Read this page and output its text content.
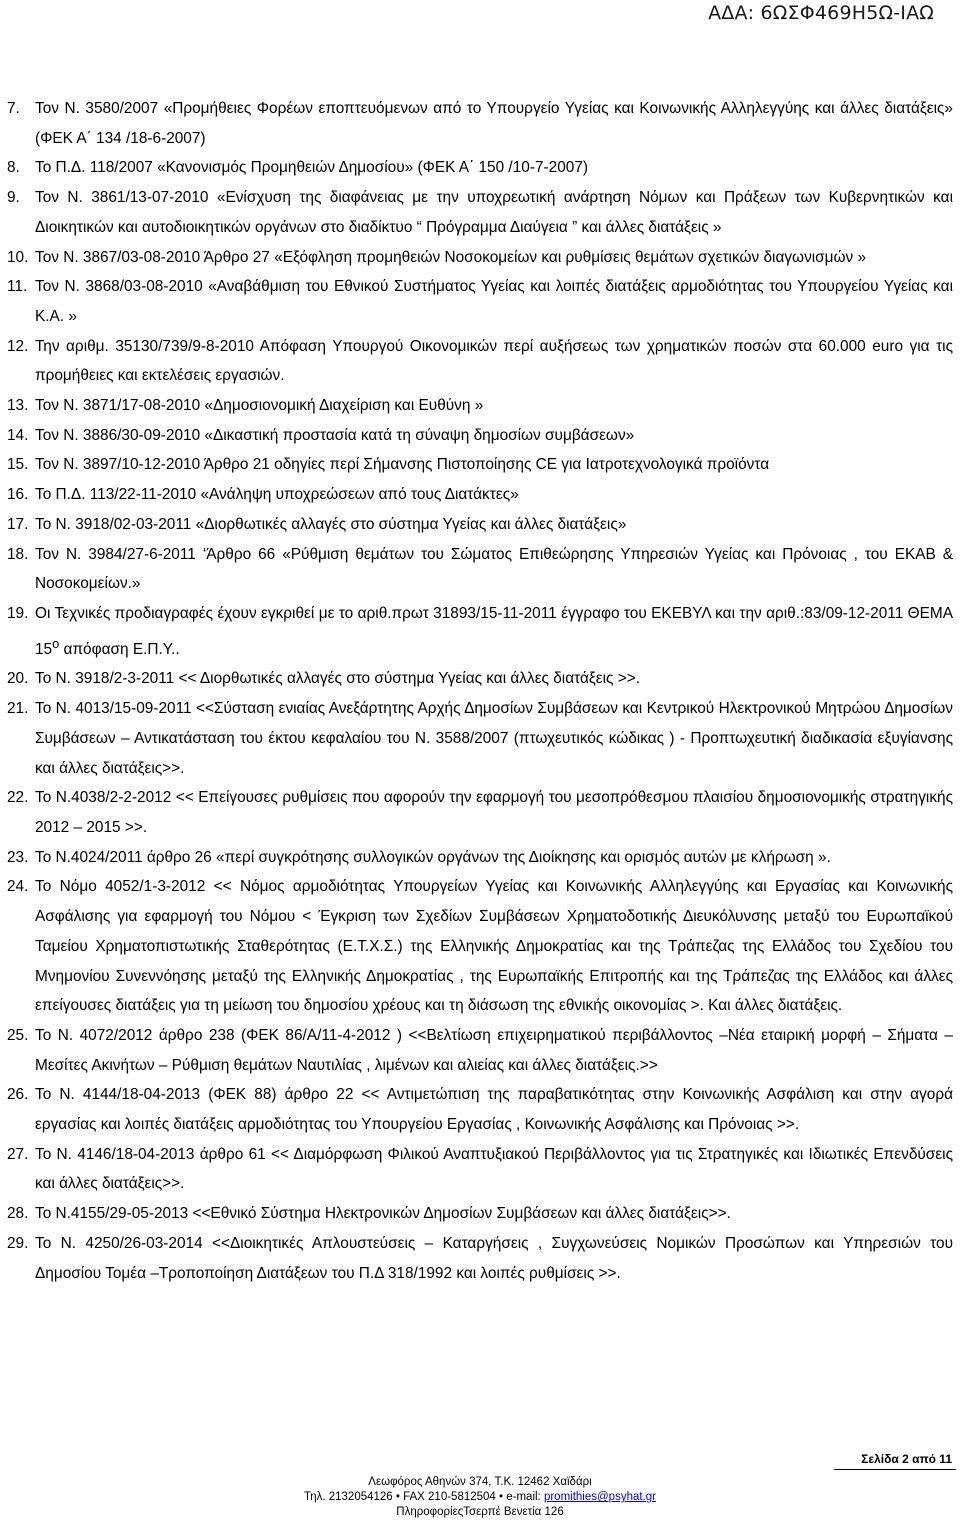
ΑΔΑ: 6ΩΣΦ469Η5Ω-ΙΑΩ
7. Τον Ν. 3580/2007 «Προμήθειες Φορέων εποπτευόμενων από το Υπουργείο Υγείας και Κοινωνικής Αλληλεγγύης και άλλες διατάξεις» (ΦΕΚ Α΄ 134 /18-6-2007)
8. Το Π.Δ. 118/2007 «Κανονισμός Προμηθειών Δημοσίου» (ΦΕΚ Α΄ 150 /10-7-2007)
9. Τον Ν. 3861/13-07-2010 «Ενίσχυση της διαφάνειας με την υποχρεωτική ανάρτηση Νόμων και Πράξεων των Κυβερνητικών και Διοικητικών και αυτοδιοικητικών οργάνων στο διαδίκτυο “ Πρόγραμμα Διαύγεια ” και άλλες διατάξεις »
10. Τον Ν. 3867/03-08-2010 Άρθρο 27 «Εξόφληση προμηθειών Νοσοκομείων και ρυθμίσεις θεμάτων σχετικών διαγωνισμών »
11. Τον Ν. 3868/03-08-2010 «Αναβάθμιση του Εθνικού Συστήματος Υγείας και λοιπές διατάξεις αρμοδιότητας του Υπουργείου Υγείας και Κ.Α. »
12. Την αριθμ. 35130/739/9-8-2010 Απόφαση Υπουργού Οικονομικών περί αυξήσεως των χρηματικών ποσών στα 60.000 euro για τις προμήθειες και εκτελέσεις εργασιών.
13. Τον Ν. 3871/17-08-2010 «Δημοσιονομική Διαχείριση και Ευθύνη »
14. Τον Ν. 3886/30-09-2010 «Δικαστική προστασία κατά τη σύναψη δημοσίων συμβάσεων»
15. Τον Ν. 3897/10-12-2010 Άρθρο 21 οδηγίες περί Σήμανσης Πιστοποίησης CE για Ιατροτεχνολογικά προϊόντα
16. Το Π.Δ. 113/22-11-2010 «Ανάληψη υποχρεώσεων από τους Διατάκτες»
17. Το Ν. 3918/02-03-2011 «Διορθωτικές αλλαγές στο σύστημα Υγείας και άλλες διατάξεις»
18. Τον Ν. 3984/27-6-2011 ‘Άρθρο 66 «Ρύθμιση θεμάτων του Σώματος Επιθεώρησης Υπηρεσιών Υγείας και Πρόνοιας , του ΕΚΑΒ & Νοσοκομείων.»
19. Οι Τεχνικές προδιαγραφές έχουν εγκριθεί με το αριθ.πρωτ 31893/15-11-2011 έγγραφο του ΕΚΕΒΥΛ και την αριθ.:83/09-12-2011 ΘΕΜΑ $15^o$ απόφαση Ε.Π.Υ..
20. Το Ν. 3918/2-3-2011 << Διορθωτικές αλλαγές στο σύστημα Υγείας και άλλες διατάξεις >>.
21. Το Ν. 4013/15-09-2011 <<Σύσταση ενιαίας Ανεξάρτητης Αρχής Δημοσίων Συμβάσεων και Κεντρικού Ηλεκτρονικού Μητρώου Δημοσίων Συμβάσεων – Αντικατάσταση του έκτου κεφαλαίου του Ν. 3588/2007 (πτωχευτικός κώδικας ) - Προπτωχευτική διαδικασία εξυγίανσης και άλλες διατάξεις>>.
22. Το Ν.4038/2-2-2012 << Επείγουσες ρυθμίσεις που αφορούν την εφαρμογή του μεσοπρόθεσμου πλαισίου δημοσιονομικής στρατηγικής 2012 – 2015 >>.
23. Το Ν.4024/2011 άρθρο 26 «περί συγκρότησης συλλογικών οργάνων της Διοίκησης και ορισμός αυτών με κλήρωση ».
24. Το Νόμο 4052/1-3-2012 << Νόμος αρμοδιότητας Υπουργείων Υγείας και Κοινωνικής Αλληλεγγύης και Εργασίας και Κοινωνικής Ασφάλισης για εφαρμογή του Νόμου < Έγκριση των Σχεδίων Συμβάσεων Χρηματοδοτικής Διευκόλυνσης μεταξύ του Ευρωπαϊκού Ταμείου Χρηματοπιστωτικής Σταθερότητας (Ε.Τ.Χ.Σ.) της Ελληνικής Δημοκρατίας και της Τράπεζας της Ελλάδος του Σχεδίου του Μνημονίου Συνεννόησης μεταξύ της Ελληνικής Δημοκρατίας , της Ευρωπαϊκής Επιτροπής και της Τράπεζας της Ελλάδος και άλλες επείγουσες διατάξεις για τη μείωση του δημοσίου χρέους και τη διάσωση της εθνικής οικονομίας >. Και άλλες διατάξεις.
25. Το Ν. 4072/2012 άρθρο 238 (ΦΕΚ 86/Α/11-4-2012 ) <<Βελτίωση επιχειρηματικού περιβάλλοντος –Νέα εταιρική μορφή – Σήματα –Μεσίτες Ακινήτων – Ρύθμιση θεμάτων Ναυτιλίας , λιμένων και αλιείας και άλλες διατάξεις.>>
26. Το Ν. 4144/18-04-2013 (ΦΕΚ 88) άρθρο 22 << Αντιμετώπιση της παραβατικότητας στην Κοινωνικής Ασφάλιση και στην αγορά εργασίας και λοιπές διατάξεις αρμοδιότητας του Υπουργείου Εργασίας , Κοινωνικής Ασφάλισης και Πρόνοιας >>.
27. Το Ν. 4146/18-04-2013 άρθρο 61 << Διαμόρφωση Φιλικού Αναπτυξιακού Περιβάλλοντος για τις Στρατηγικές και Ιδιωτικές Επενδύσεις και άλλες διατάξεις>>.
28. Το Ν.4155/29-05-2013 <<Εθνικό Σύστημα Ηλεκτρονικών Δημοσίων Συμβάσεων και άλλες διατάξεις>>.
29. Το Ν. 4250/26-03-2014 <<Διοικητικές Απλουστεύσεις – Καταργήσεις , Συγχωνεύσεις Νομικών Προσώπων και Υπηρεσιών του Δημοσίου Τομέα –Τροποποίηση Διατάξεων του Π.Δ 318/1992 και λοιπές ρυθμίσεις >>.
Σελίδα 2 από 11
Λεωφόρος Αθηνών 374, Τ.Κ. 12462 Χαϊδάρι
Τηλ. 2132054126 • FAX 210-5812504 • e-mail: promithies@psyhat.gr
ΠληροφορίεςΤσερπέ Βενετία 126
